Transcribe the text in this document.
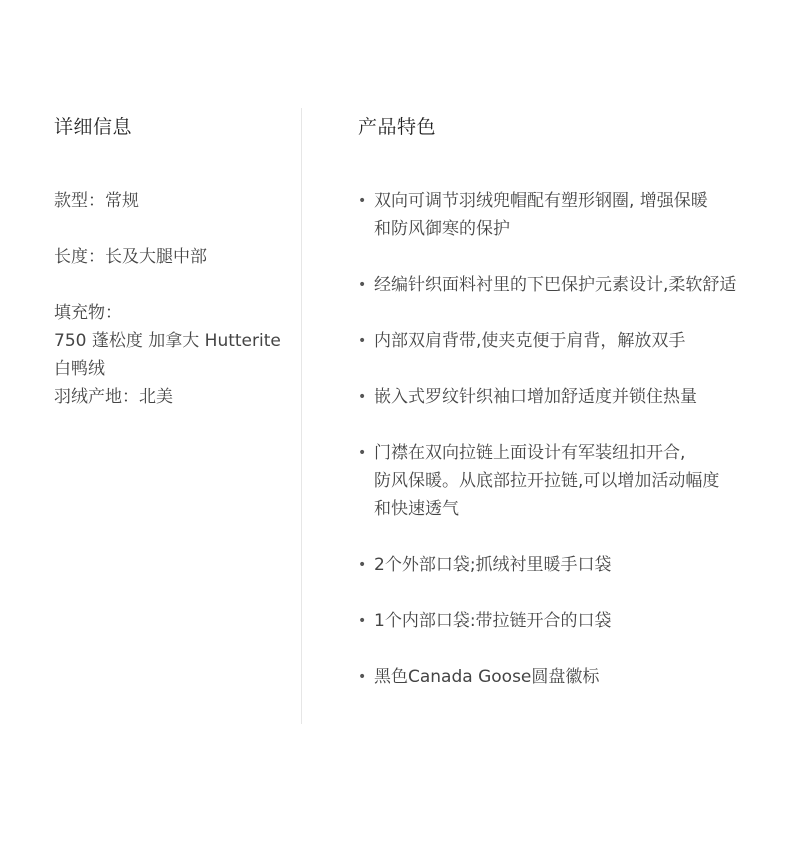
详细信息

款型：常规

长度：长及大腿中部

填充物：
750 蓬松度 加拿大 Hutterite 白鸭绒
羽绒产地：北美
产品特色
• 双向可调节羽绒兜帽配有塑形钢圈, 增强保暖
和防风御寒的保护
• 经编针织面料衬里的下巴保护元素设计,柔软舒适
• 内部双肩背带,使夹克便于肩背，解放双手
• 嵌入式罗纹针织袖口增加舒适度并锁住热量
• 门襟在双向拉链上面设计有军装纽扣开合,
防风保暖。从底部拉开拉链,可以增加活动幅度
和快速透气
• 2个外部口袋;抓绒衬里暖手口袋
• 1个内部口袋:带拉链开合的口袋
• 黑色Canada Goose圆盘徽标
